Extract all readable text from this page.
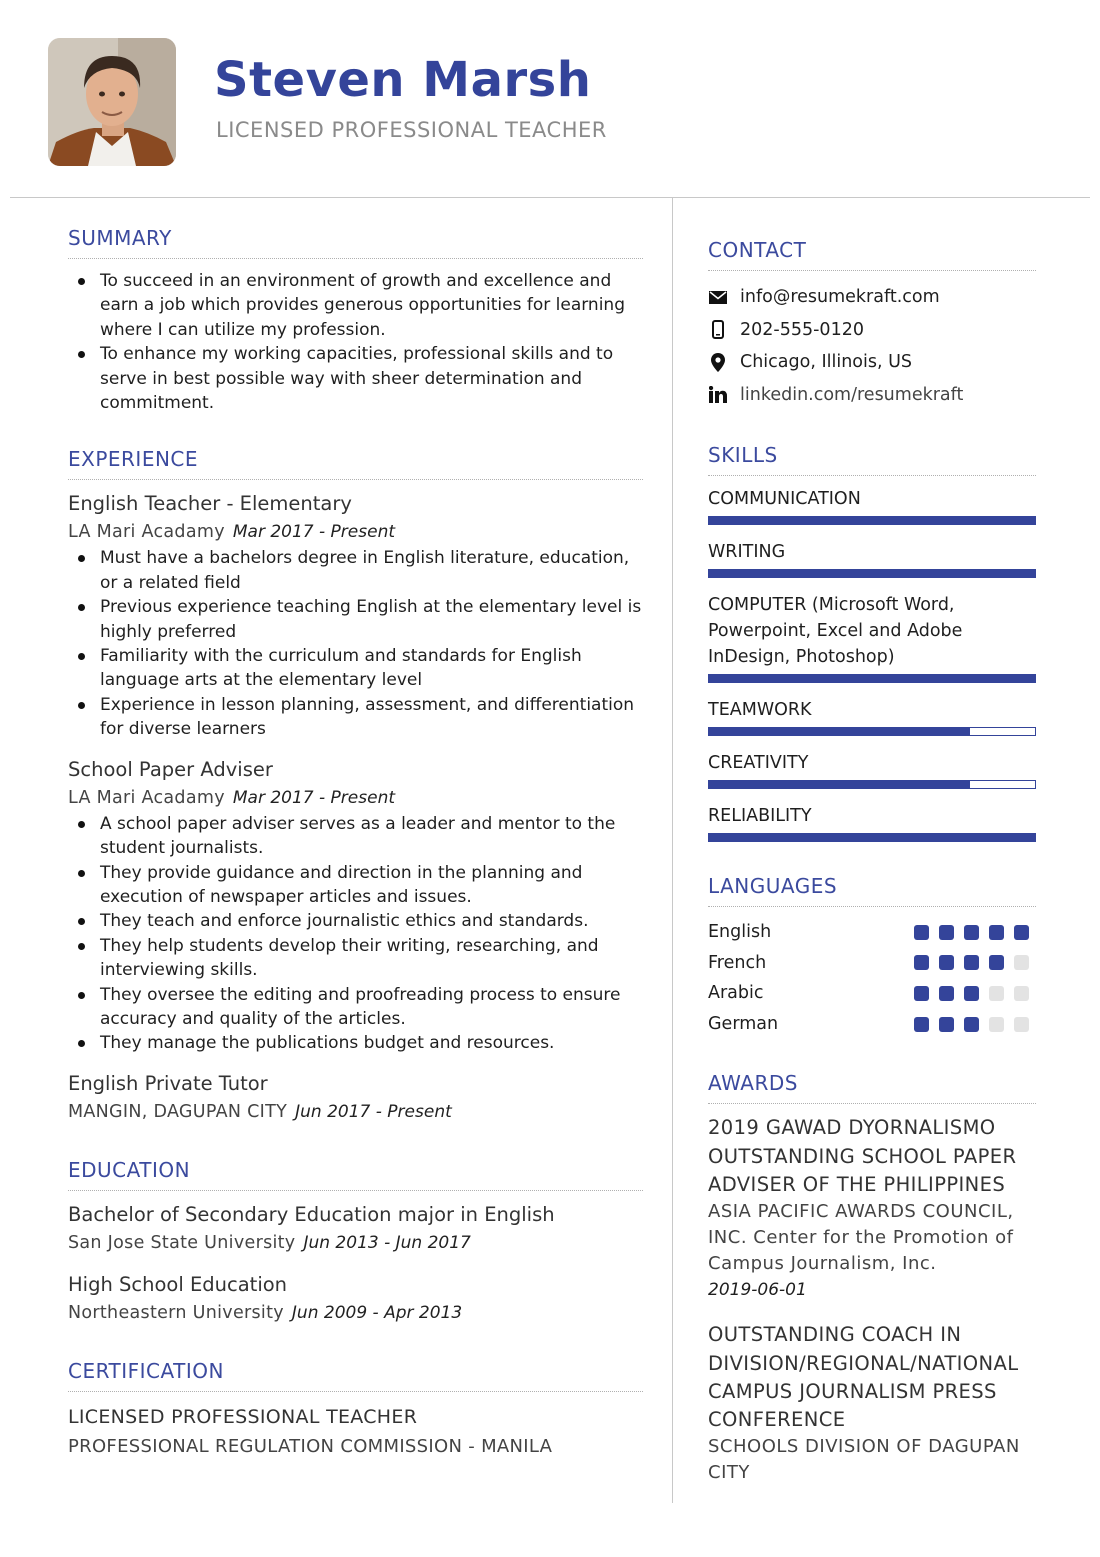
Steven Marsh
LICENSED PROFESSIONAL TEACHER
SUMMARY
To succeed in an environment of growth and excellence and earn a job which provides generous opportunities for learning where I can utilize my profession.
To enhance my working capacities, professional skills and to serve in best possible way with sheer determination and commitment.
EXPERIENCE
English Teacher - Elementary
LA Mari Acadamy Mar 2017 - Present
Must have a bachelors degree in English literature, education, or a related field
Previous experience teaching English at the elementary level is highly preferred
Familiarity with the curriculum and standards for English language arts at the elementary level
Experience in lesson planning, assessment, and differentiation for diverse learners
School Paper Adviser
LA Mari Acadamy Mar 2017 - Present
A school paper adviser serves as a leader and mentor to the student journalists.
They provide guidance and direction in the planning and execution of newspaper articles and issues.
They teach and enforce journalistic ethics and standards.
They help students develop their writing, researching, and interviewing skills.
They oversee the editing and proofreading process to ensure accuracy and quality of the articles.
They manage the publications budget and resources.
English Private Tutor
MANGIN, DAGUPAN CITY Jun 2017 - Present
EDUCATION
Bachelor of Secondary Education major in English
San Jose State University Jun 2013 - Jun 2017
High School Education
Northeastern University Jun 2009 - Apr 2013
CERTIFICATION
LICENSED PROFESSIONAL TEACHER
PROFESSIONAL REGULATION COMMISSION - MANILA
CONTACT
info@resumekraft.com
202-555-0120
Chicago, Illinois, US
linkedin.com/resumekraft
SKILLS
COMMUNICATION
WRITING
COMPUTER (Microsoft Word, Powerpoint, Excel and Adobe InDesign, Photoshop)
TEAMWORK
CREATIVITY
RELIABILITY
LANGUAGES
English
French
Arabic
German
AWARDS
2019 GAWAD DYORNALISMO OUTSTANDING SCHOOL PAPER ADVISER OF THE PHILIPPINES
ASIA PACIFIC AWARDS COUNCIL, INC. Center for the Promotion of Campus Journalism, Inc.
2019-06-01
OUTSTANDING COACH IN DIVISION/REGIONAL/NATIONAL CAMPUS JOURNALISM PRESS CONFERENCE
SCHOOLS DIVISION OF DAGUPAN CITY
